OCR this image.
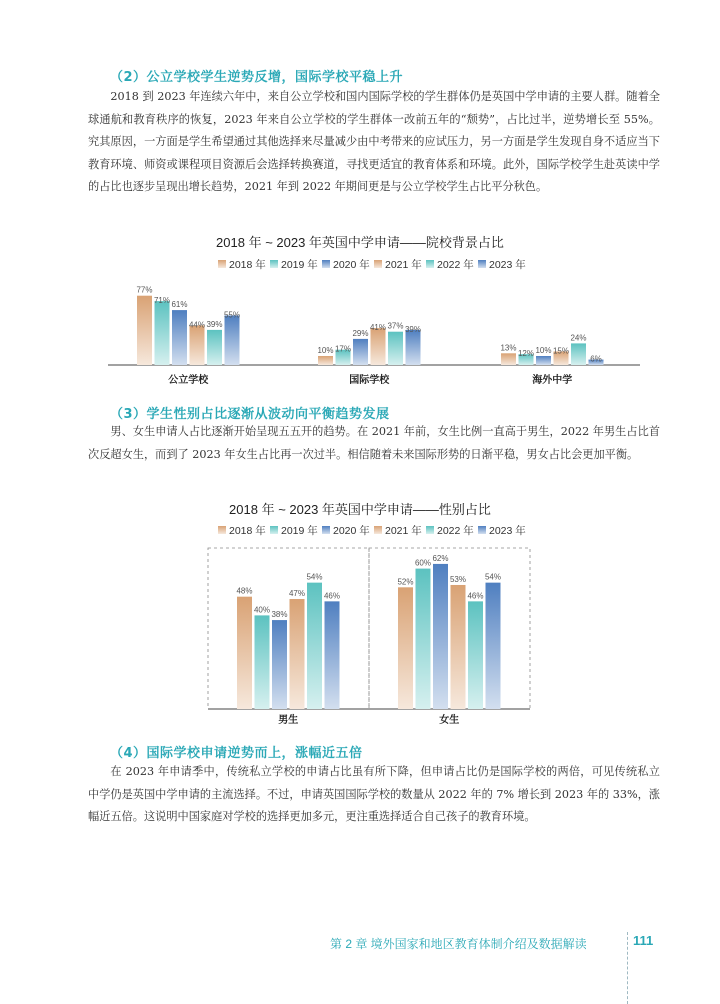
（2）公立学校学生逆势反增，国际学校平稳上升

2018 到 2023 年连续六年中，来自公立学校和国内国际学校的学生群体仍是英国中学申请的主要人群。随着全球通航和教育秩序的恢复，2023 年来自公立学校的学生群体一改前五年的“颓势”，占比过半，逆势增长至 55%。究其原因，一方面是学生希望通过其他选择来尽量减少由中考带来的应试压力，另一方面是学生发现自身不适应当下教育环境、师资或课程项目资源后会选择转换赛道，寻找更适宜的教育体系和环境。此外，国际学校学生赴英读中学的占比也逐步呈现出增长趋势，2021 年到 2022 年期间更是与公立学校学生占比平分秋色。

2018 年 ~ 2023 年英国中学申请——院校背景占比
2018 年 2019 年 2020 年 2021 年 2022 年 2023 年
77%
71% 61%
44% 39%
55%
公立学校
10% 17%
29%
41% 37% 39%
国际学校
13%
12% 10% 15%
24%
6%
海外中学
（3）学生性别占比逐渐从波动向平衡趋势发展

男、女生申请人占比逐渐开始呈现五五开的趋势。在 2021 年前，女生比例一直高于男生，2022 年男生占比首次反超女生，而到了 2023 年女生占比再一次过半。相信随着未来国际形势的日渐平稳，男女占比会更加平衡。

2018 年 ~ 2023 年英国中学申请——性别占比
2018 年 2019 年 2020 年 2021 年 2022 年 2023 年
48%
40%
38%
47%
54%
46%
男生
52%
60%
62%
53%
46%
54%
女生
（4）国际学校申请逆势而上，涨幅近五倍

在 2023 年申请季中，传统私立学校的申请占比虽有所下降，但申请占比仍是国际学校的两倍，可见传统私立中学仍是英国中学申请的主流选择。不过，申请英国国际学校的数量从 2022 年的 7% 增长到 2023 年的 33%，涨幅近五倍。这说明中国家庭对学校的选择更加多元，更注重选择适合自己孩子的教育环境。

第 2 章 境外国家和地区教育体制介绍及数据解读	111
